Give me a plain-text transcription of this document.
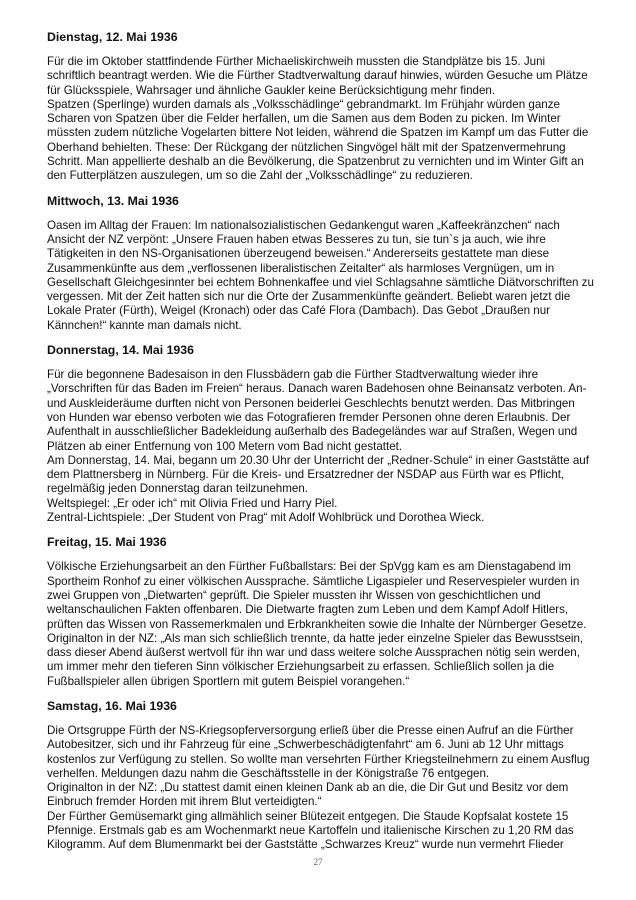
Dienstag, 12. Mai 1936

Für die im Oktober stattfindende Fürther Michaeliskirchweih mussten die Standplätze bis 15. Juni schriftlich beantragt werden. Wie die Fürther Stadtverwaltung darauf hinwies, würden Gesuche um Plätze für Glücksspiele, Wahrsager und ähnliche Gaukler keine Berücksichtigung mehr finden.

Spatzen (Sperlinge) wurden damals als „Volksschädlinge“ gebrandmarkt. Im Frühjahr würden ganze Scharen von Spatzen über die Felder herfallen, um die Samen aus dem Boden zu picken. Im Winter müssten zudem nützliche Vogelarten bittere Not leiden, während die Spatzen im Kampf um das Futter die Oberhand behielten. These: Der Rückgang der nützlichen Singvögel hält mit der Spatzenvermehrung Schritt. Man appellierte deshalb an die Bevölkerung, die Spatzenbrut zu vernichten und im Winter Gift an den Futterplätzen auszulegen, um so die Zahl der „Volksschädlinge“ zu reduzieren.

Mittwoch, 13. Mai 1936

Oasen im Alltag der Frauen: Im nationalsozialistischen Gedankengut waren „Kaffeekränzchen“ nach Ansicht der NZ verpönt: „Unsere Frauen haben etwas Besseres zu tun, sie tun`s ja auch, wie ihre Tätigkeiten in den NS-Organisationen überzeugend beweisen.“ Andererseits gestattete man diese Zusammenkünfte aus dem „verflossenen liberalistischen Zeitalter“ als harmloses Vergnügen, um in Gesellschaft Gleichgesinnter bei echtem Bohnenkaffee und viel Schlagsahne sämtliche Diätvorschriften zu vergessen. Mit der Zeit hatten sich nur die Orte der Zusammenkünfte geändert. Beliebt waren jetzt die Lokale Prater (Fürth), Weigel (Kronach) oder das Café Flora (Dambach). Das Gebot „Draußen nur Kännchen!“ kannte man damals nicht.

Donnerstag, 14. Mai 1936

Für die begonnene Badesaison in den Flussbädern gab die Fürther Stadtverwaltung wieder ihre „Vorschriften für das Baden im Freien“ heraus. Danach waren Badehosen ohne Beinansatz verboten. An- und Auskleideräume durften nicht von Personen beiderlei Geschlechts benutzt werden. Das Mitbringen von Hunden war ebenso verboten wie das Fotografieren fremder Personen ohne deren Erlaubnis. Der Aufenthalt in ausschließlicher Badekleidung außerhalb des Badegeländes war auf Straßen, Wegen und Plätzen ab einer Entfernung von 100 Metern vom Bad nicht gestattet.

Am Donnerstag, 14. Mai, begann um 20.30 Uhr der Unterricht der „Redner-Schule“ in einer Gaststätte auf dem Plattnersberg in Nürnberg. Für die Kreis- und Ersatzredner der NSDAP aus Fürth war es Pflicht, regelmäßig jeden Donnerstag daran teilzunehmen.

Weltspiegel: „Er oder ich“ mit Olivia Fried und Harry Piel.

Zentral-Lichtspiele: „Der Student von Prag“ mit Adolf Wohlbrück und Dorothea Wieck.

Freitag, 15. Mai 1936

Völkische Erziehungsarbeit an den Fürther Fußballstars: Bei der SpVgg kam es am Dienstagabend im Sportheim Ronhof zu einer völkischen Aussprache. Sämtliche Ligaspieler und Reservespieler wurden in zwei Gruppen von „Dietwarten“ geprüft. Die Spieler mussten ihr Wissen von geschichtlichen und weltanschaulichen Fakten offenbaren. Die Dietwarte fragten zum Leben und dem Kampf Adolf Hitlers, prüften das Wissen von Rassemerkmalen und Erbkrankheiten sowie die Inhalte der Nürnberger Gesetze. Originalton in der NZ: „Als man sich schließlich trennte, da hatte jeder einzelne Spieler das Bewusstsein, dass dieser Abend äußerst wertvoll für ihn war und dass weitere solche Aussprachen nötig sein werden, um immer mehr den tieferen Sinn völkischer Erziehungsarbeit zu erfassen. Schließlich sollen ja die Fußballspieler allen übrigen Sportlern mit gutem Beispiel vorangehen.“

Samstag, 16. Mai 1936

Die Ortsgruppe Fürth der NS-Kriegsopferversorgung erließ über die Presse einen Aufruf an die Fürther Autobesitzer, sich und ihr Fahrzeug für eine „Schwerbeschädigtenfahrt“ am 6. Juni ab 12 Uhr mittags kostenlos zur Verfügung zu stellen. So wollte man versehrten Fürther Kriegsteilnehmern zu einem Ausflug verhelfen. Meldungen dazu nahm die Geschäftsstelle in der Königstraße 76 entgegen.

Originalton in der NZ: „Du stattest damit einen kleinen Dank ab an die, die Dir Gut und Besitz vor dem Einbruch fremder Horden mit ihrem Blut verteidigten.“

Der Fürther Gemüsemarkt ging allmählich seiner Blütezeit entgegen. Die Staude Kopfsalat kostete 15 Pfennige. Erstmals gab es am Wochenmarkt neue Kartoffeln und italienische Kirschen zu 1,20 RM das Kilogramm. Auf dem Blumenmarkt bei der Gaststätte „Schwarzes Kreuz“ wurde nun vermehrt Flieder

27
